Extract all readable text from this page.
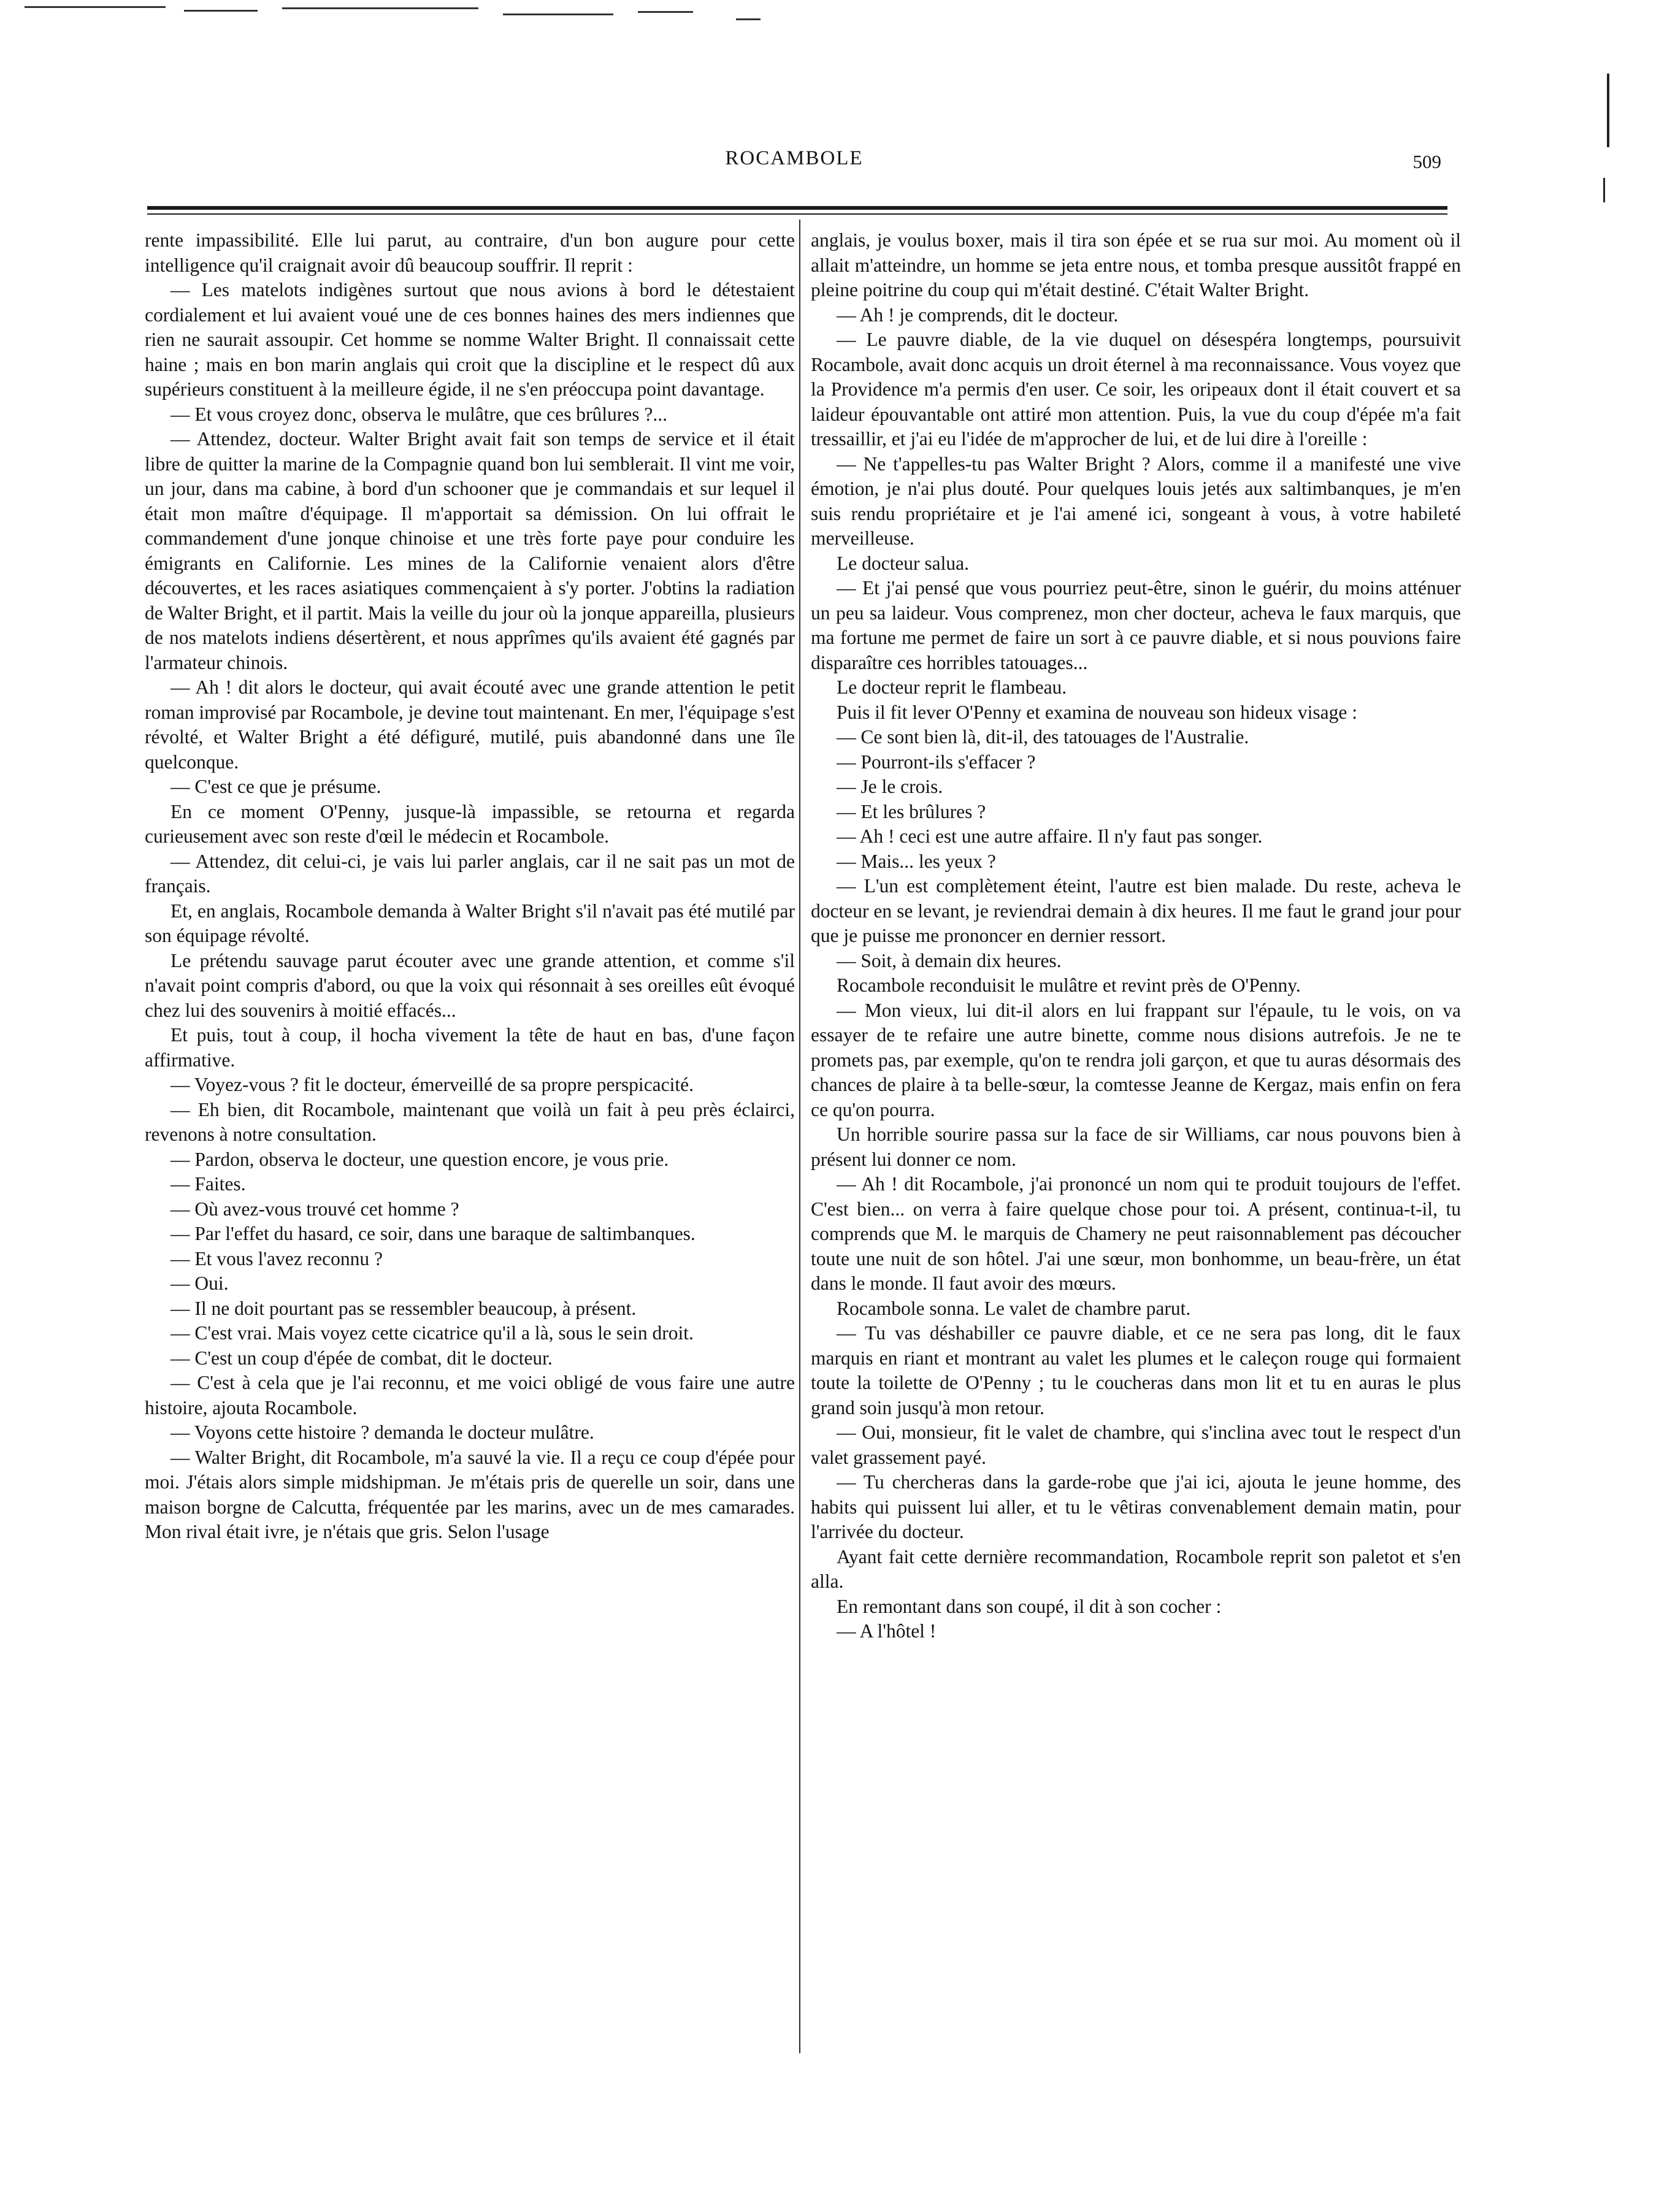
ROCAMBOLE	509

rente impassibilité. Elle lui parut, au contraire, d'un bon augure pour cette intelligence qu'il craignait avoir dû beaucoup souffrir. Il reprit :

— Les matelots indigènes surtout que nous avions à bord le détestaient cordialement et lui avaient voué une de ces bonnes haines des mers indiennes que rien ne saurait assoupir. Cet homme se nomme Walter Bright. Il connaissait cette haine ; mais en bon marin anglais qui croit que la discipline et le respect dû aux supérieurs constituent à la meilleure égide, il ne s'en préoccupa point davantage.

— Et vous croyez donc, observa le mulâtre, que ces brûlures ?...

— Attendez, docteur. Walter Bright avait fait son temps de service et il était libre de quitter la marine de la Compagnie quand bon lui semblerait. Il vint me voir, un jour, dans ma cabine, à bord d'un schooner que je commandais et sur lequel il était mon maître d'équipage. Il m'apportait sa démission. On lui offrait le commandement d'une jonque chinoise et une très forte paye pour conduire les émigrants en Californie. Les mines de la Californie venaient alors d'être découvertes, et les races asiatiques commençaient à s'y porter. J'obtins la radiation de Walter Bright, et il partit. Mais la veille du jour où la jonque appareilla, plusieurs de nos matelots indiens désertèrent, et nous apprîmes qu'ils avaient été gagnés par l'armateur chinois.

— Ah ! dit alors le docteur, qui avait écouté avec une grande attention le petit roman improvisé par Rocambole, je devine tout maintenant. En mer, l'équipage s'est révolté, et Walter Bright a été défiguré, mutilé, puis abandonné dans une île quelconque.

— C'est ce que je présume.

En ce moment O'Penny, jusque-là impassible, se retourna et regarda curieusement avec son reste d'œil le médecin et Rocambole.

— Attendez, dit celui-ci, je vais lui parler anglais, car il ne sait pas un mot de français.

Et, en anglais, Rocambole demanda à Walter Bright s'il n'avait pas été mutilé par son équipage révolté.

Le prétendu sauvage parut écouter avec une grande attention, et comme s'il n'avait point compris d'abord, ou que la voix qui résonnait à ses oreilles eût évoqué chez lui des souvenirs à moitié effacés...

Et puis, tout à coup, il hocha vivement la tête de haut en bas, d'une façon affirmative.

— Voyez-vous ? fit le docteur, émerveillé de sa propre perspicacité.

— Eh bien, dit Rocambole, maintenant que voilà un fait à peu près éclairci, revenons à notre consultation.

— Pardon, observa le docteur, une question encore, je vous prie.

— Faites.

— Où avez-vous trouvé cet homme ?

— Par l'effet du hasard, ce soir, dans une baraque de saltimbanques.

— Et vous l'avez reconnu ?

— Oui.

— Il ne doit pourtant pas se ressembler beaucoup, à présent.

— C'est vrai. Mais voyez cette cicatrice qu'il a là, sous le sein droit.

— C'est un coup d'épée de combat, dit le docteur.

— C'est à cela que je l'ai reconnu, et me voici obligé de vous faire une autre histoire, ajouta Rocambole.

— Voyons cette histoire ? demanda le docteur mulâtre.

— Walter Bright, dit Rocambole, m'a sauvé la vie. Il a reçu ce coup d'épée pour moi. J'étais alors simple midshipman. Je m'étais pris de querelle un soir, dans une maison borgne de Calcutta, fréquentée par les marins, avec un de mes camarades. Mon rival était ivre, je n'étais que gris. Selon l'usage

anglais, je voulus boxer, mais il tira son épée et se rua sur moi. Au moment où il allait m'atteindre, un homme se jeta entre nous, et tomba presque aussitôt frappé en pleine poitrine du coup qui m'était destiné. C'était Walter Bright.

— Ah ! je comprends, dit le docteur.

— Le pauvre diable, de la vie duquel on désespéra longtemps, poursuivit Rocambole, avait donc acquis un droit éternel à ma reconnaissance. Vous voyez que la Providence m'a permis d'en user. Ce soir, les oripeaux dont il était couvert et sa laideur épouvantable ont attiré mon attention. Puis, la vue du coup d'épée m'a fait tressaillir, et j'ai eu l'idée de m'approcher de lui, et de lui dire à l'oreille :

— Ne t'appelles-tu pas Walter Bright ? Alors, comme il a manifesté une vive émotion, je n'ai plus douté. Pour quelques louis jetés aux saltimbanques, je m'en suis rendu propriétaire et je l'ai amené ici, songeant à vous, à votre habileté merveilleuse.

Le docteur salua.

— Et j'ai pensé que vous pourriez peut-être, sinon le guérir, du moins atténuer un peu sa laideur. Vous comprenez, mon cher docteur, acheva le faux marquis, que ma fortune me permet de faire un sort à ce pauvre diable, et si nous pouvions faire disparaître ces horribles tatouages...

Le docteur reprit le flambeau.

Puis il fit lever O'Penny et examina de nouveau son hideux visage :

— Ce sont bien là, dit-il, des tatouages de l'Australie.

— Pourront-ils s'effacer ?

— Je le crois.

— Et les brûlures ?

— Ah ! ceci est une autre affaire. Il n'y faut pas songer.

— Mais... les yeux ?

— L'un est complètement éteint, l'autre est bien malade. Du reste, acheva le docteur en se levant, je reviendrai demain à dix heures. Il me faut le grand jour pour que je puisse me prononcer en dernier ressort.

— Soit, à demain dix heures.

Rocambole reconduisit le mulâtre et revint près de O'Penny.

— Mon vieux, lui dit-il alors en lui frappant sur l'épaule, tu le vois, on va essayer de te refaire une autre binette, comme nous disions autrefois. Je ne te promets pas, par exemple, qu'on te rendra joli garçon, et que tu auras désormais des chances de plaire à ta belle-sœur, la comtesse Jeanne de Kergaz, mais enfin on fera ce qu'on pourra.

Un horrible sourire passa sur la face de sir Williams, car nous pouvons bien à présent lui donner ce nom.

— Ah ! dit Rocambole, j'ai prononcé un nom qui te produit toujours de l'effet. C'est bien... on verra à faire quelque chose pour toi. A présent, continua-t-il, tu comprends que M. le marquis de Chamery ne peut raisonnablement pas découcher toute une nuit de son hôtel. J'ai une sœur, mon bonhomme, un beau-frère, un état dans le monde. Il faut avoir des mœurs.

Rocambole sonna. Le valet de chambre parut.

— Tu vas déshabiller ce pauvre diable, et ce ne sera pas long, dit le faux marquis en riant et montrant au valet les plumes et le caleçon rouge qui formaient toute la toilette de O'Penny ; tu le coucheras dans mon lit et tu en auras le plus grand soin jusqu'à mon retour.

— Oui, monsieur, fit le valet de chambre, qui s'inclina avec tout le respect d'un valet grassement payé.

— Tu chercheras dans la garde-robe que j'ai ici, ajouta le jeune homme, des habits qui puissent lui aller, et tu le vêtiras convenablement demain matin, pour l'arrivée du docteur.

Ayant fait cette dernière recommandation, Rocambole reprit son paletot et s'en alla.

En remontant dans son coupé, il dit à son cocher :

— A l'hôtel !
